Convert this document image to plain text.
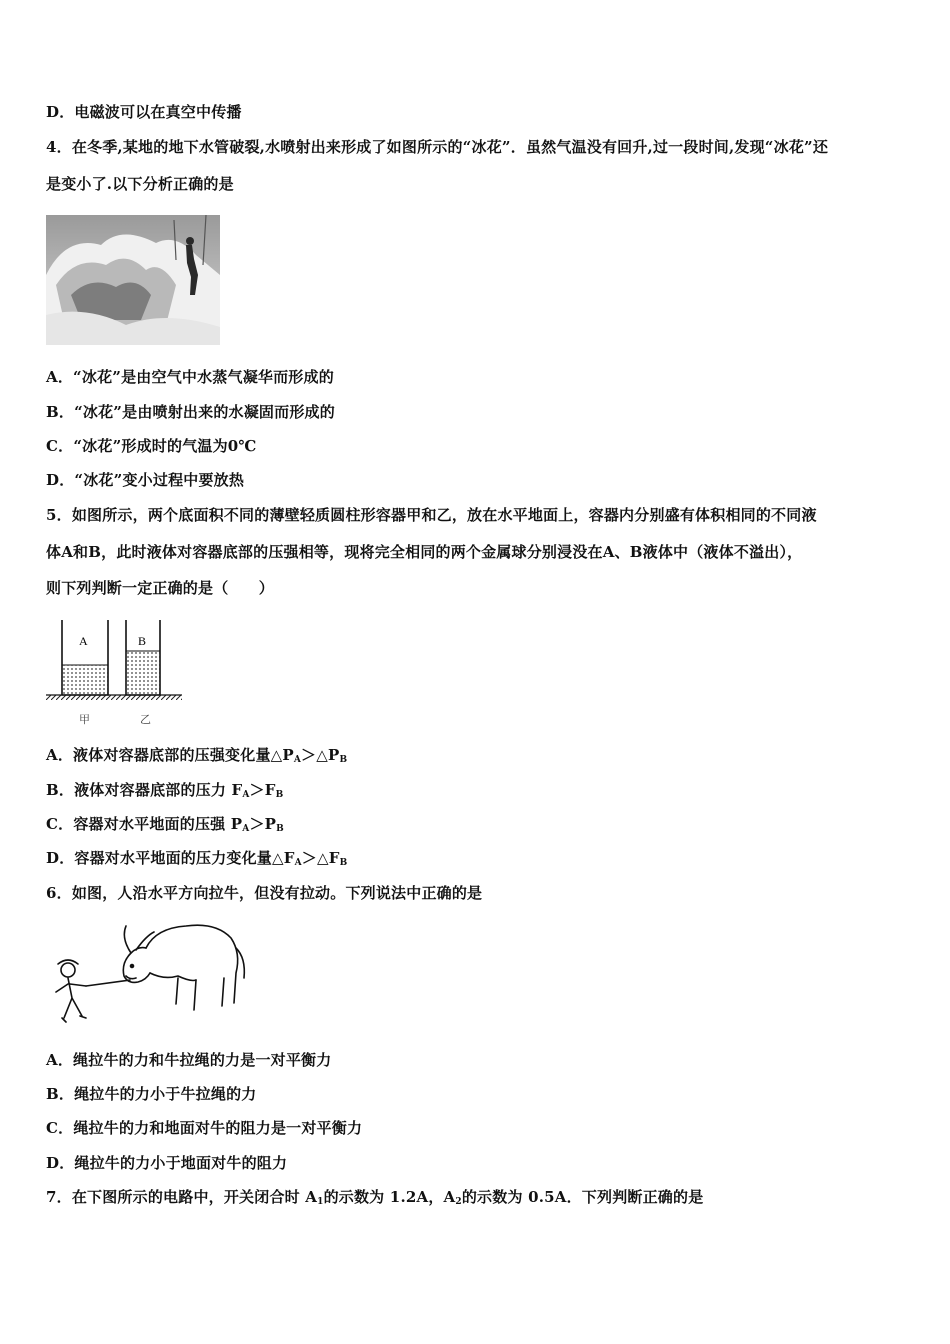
D．电磁波可以在真空中传播
4．在冬季,某地的地下水管破裂,水喷射出来形成了如图所示的“冰花”．虽然气温没有回升,过一段时间,发现“冰花”还
是变小了.以下分析正确的是
A．“冰花”是由空气中水蒸气凝华而形成的
B．“冰花”是由喷射出来的水凝固而形成的
C．“冰花”形成时的气温为0℃
D．“冰花”变小过程中要放热
5．如图所示，两个底面积不同的薄壁轻质圆柱形容器甲和乙，放在水平地面上，容器内分别盛有体积相同的不同液
体A和B，此时液体对容器底部的压强相等，现将完全相同的两个金属球分别浸没在A、B液体中（液体不溢出），
则下列判断一定正确的是（　　）
A	B
甲	乙
A．液体对容器底部的压强变化量$\triangle P_A>\triangle P_B$
B．液体对容器底部的压力 $F_A>F_B$
C．容器对水平地面的压强 $P_A>P_B$
D．容器对水平地面的压力变化量$\triangle F_A>\triangle F_B$
6．如图，人沿水平方向拉牛，但没有拉动。下列说法中正确的是
A．绳拉牛的力和牛拉绳的力是一对平衡力
B．绳拉牛的力小于牛拉绳的力
C．绳拉牛的力和地面对牛的阻力是一对平衡力
D．绳拉牛的力小于地面对牛的阻力
7．在下图所示的电路中，开关闭合时 $A_1$的示数为 1.2A，$A_2$的示数为 0.5A．下列判断正确的是
